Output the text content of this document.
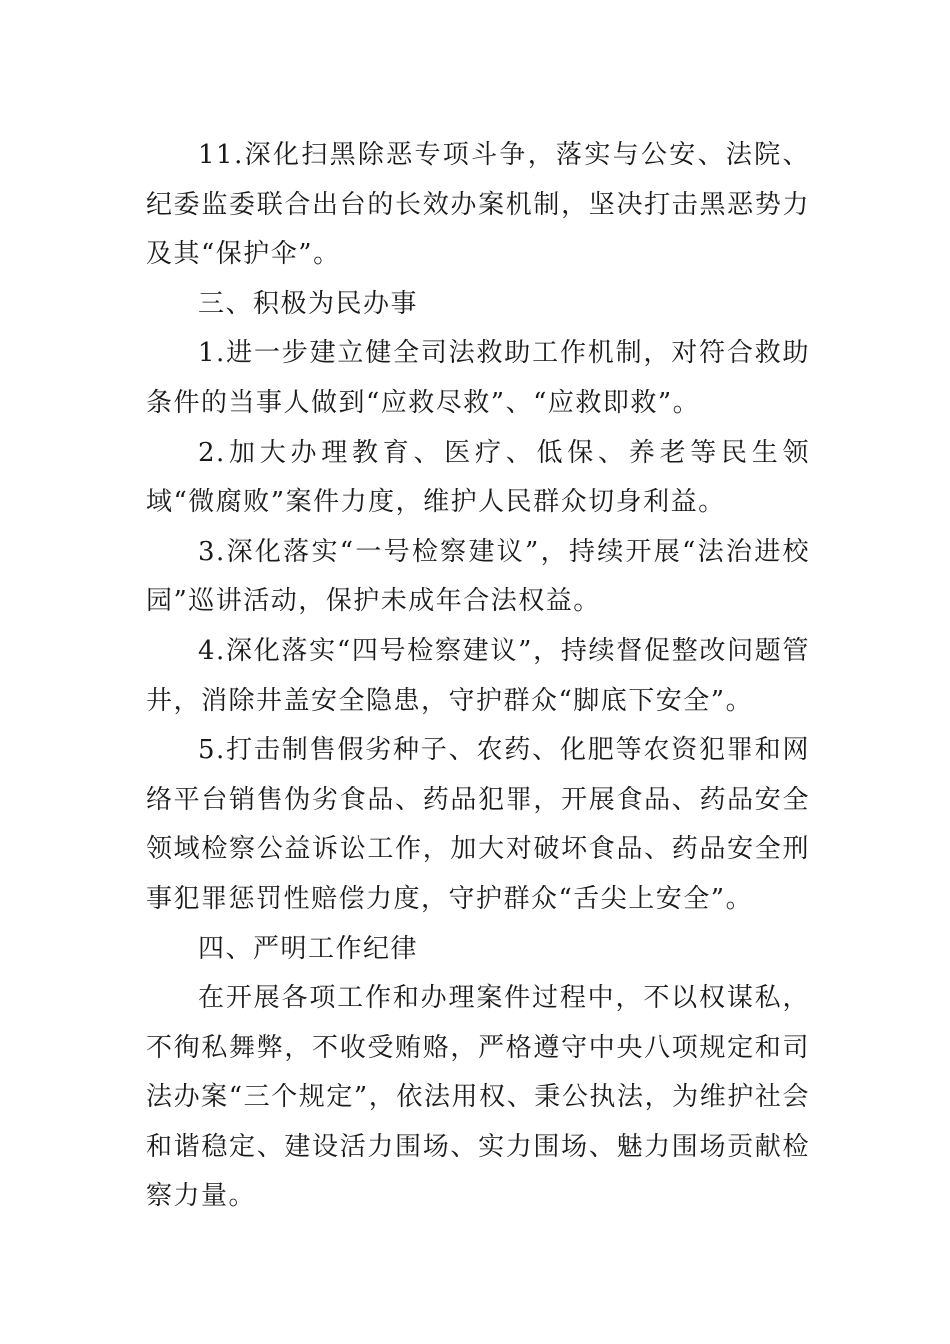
11.深化扫黑除恶专项斗争，落实与公安、法院、纪委监委联合出台的长效办案机制，坚决打击黑恶势力及其“保护伞”。

三、积极为民办事

1.进一步建立健全司法救助工作机制，对符合救助条件的当事人做到“应救尽救”、“应救即救”。

2.加大办理教育、医疗、低保、养老等民生领域“微腐败”案件力度，维护人民群众切身利益。

3.深化落实“一号检察建议”，持续开展“法治进校园”巡讲活动，保护未成年合法权益。

4.深化落实“四号检察建议”，持续督促整改问题管井，消除井盖安全隐患，守护群众“脚底下安全”。

5.打击制售假劣种子、农药、化肥等农资犯罪和网络平台销售伪劣食品、药品犯罪，开展食品、药品安全领域检察公益诉讼工作，加大对破坏食品、药品安全刑事犯罪惩罚性赔偿力度，守护群众“舌尖上安全”。

四、严明工作纪律

在开展各项工作和办理案件过程中，不以权谋私，不徇私舞弊，不收受贿赂，严格遵守中央八项规定和司法办案“三个规定”，依法用权、秉公执法，为维护社会和谐稳定、建设活力围场、实力围场、魅力围场贡献检察力量。
